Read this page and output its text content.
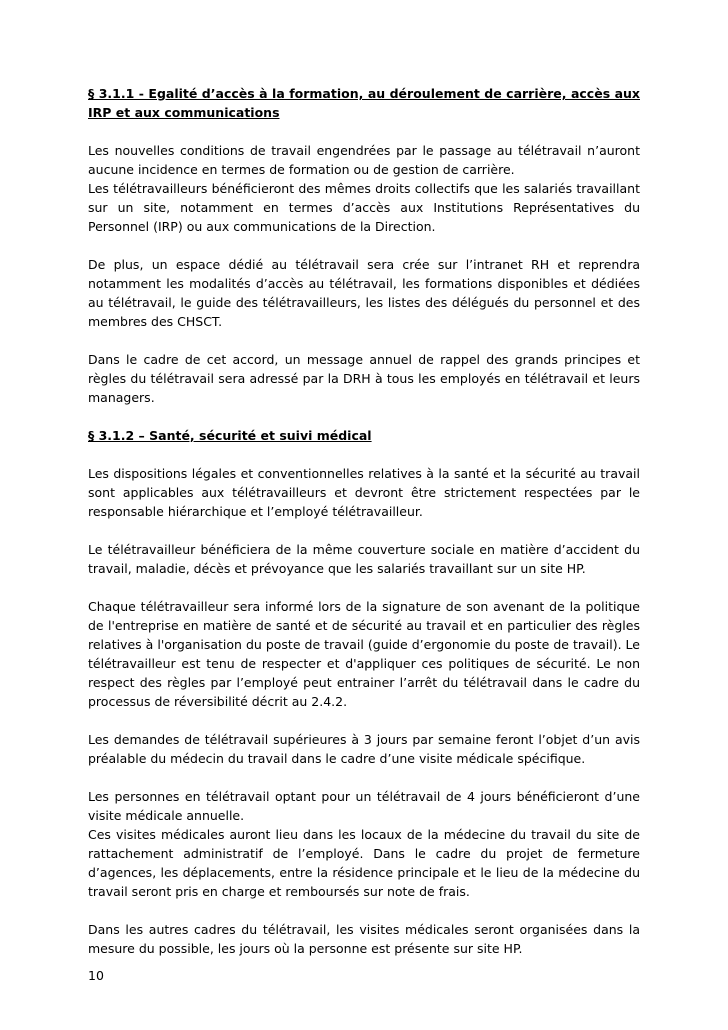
§ 3.1.1 - Egalité d’accès à la formation, au déroulement de carrière, accès aux IRP et aux communications

Les nouvelles conditions de travail engendrées par le passage au télétravail n’auront aucune incidence en termes de formation ou de gestion de carrière.

Les télétravailleurs bénéficieront des mêmes droits collectifs que les salariés travaillant sur un site, notamment en termes d’accès aux Institutions Représentatives du Personnel (IRP) ou aux communications de la Direction.

De plus, un espace dédié au télétravail sera crée sur l’intranet RH et reprendra notamment les modalités d’accès au télétravail, les formations disponibles et dédiées au télétravail, le guide des télétravailleurs, les listes des délégués du personnel et des membres des CHSCT.

Dans le cadre de cet accord, un message annuel de rappel des grands principes et règles du télétravail sera adressé par la DRH à tous les employés en télétravail et leurs managers.

§ 3.1.2 – Santé, sécurité et suivi médical

Les dispositions légales et conventionnelles relatives à la santé et la sécurité au travail sont applicables aux télétravailleurs et devront être strictement respectées par le responsable hiérarchique et l’employé télétravailleur.

Le télétravailleur bénéficiera de la même couverture sociale en matière d’accident du travail, maladie, décès et prévoyance que les salariés travaillant sur un site HP.

Chaque télétravailleur sera informé lors de la signature de son avenant de la politique de l'entreprise en matière de santé et de sécurité au travail et en particulier des règles relatives à l'organisation du poste de travail (guide d’ergonomie du poste de travail). Le télétravailleur est tenu de respecter et d'appliquer ces politiques de sécurité. Le non respect des règles par l’employé peut entrainer l’arrêt du télétravail dans le cadre du processus de réversibilité décrit au 2.4.2.

Les demandes de télétravail supérieures à 3 jours par semaine feront l’objet d’un avis préalable du médecin du travail dans le cadre d’une visite médicale spécifique.

Les personnes en télétravail optant pour un télétravail de 4 jours bénéficieront d’une visite médicale annuelle.

Ces visites médicales auront lieu dans les locaux de la médecine du travail du site de rattachement administratif de l’employé. Dans le cadre du projet de fermeture d’agences, les déplacements, entre la résidence principale et le lieu de la médecine du travail seront pris en charge et remboursés sur note de frais.

Dans les autres cadres du télétravail, les visites médicales seront organisées dans la mesure du possible, les jours où la personne est présente sur site HP.

10
